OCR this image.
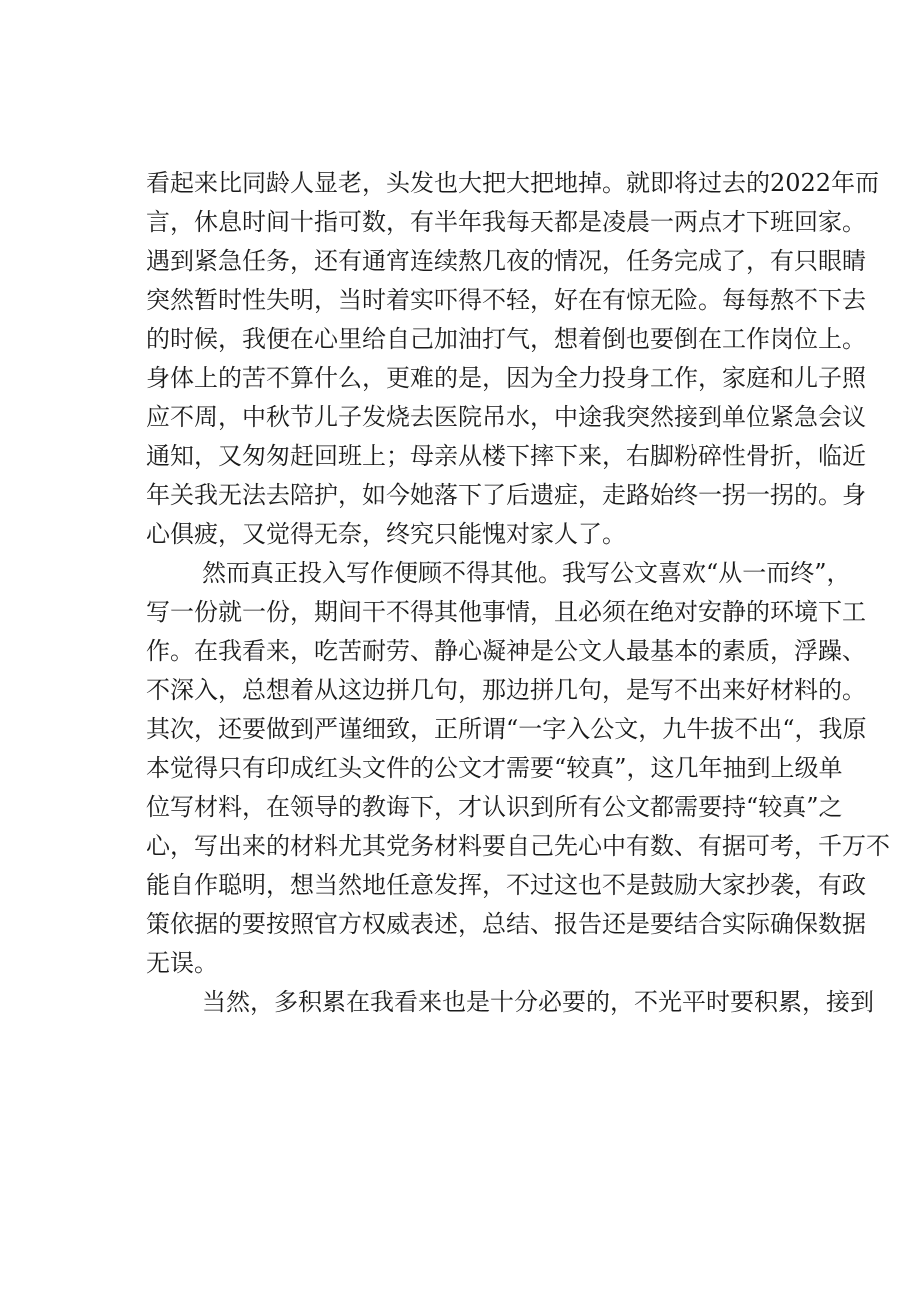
看起来比同龄人显老，头发也大把大把地掉。就即将过去的2022年而
言，休息时间十指可数，有半年我每天都是凌晨一两点才下班回家。
遇到紧急任务，还有通宵连续熬几夜的情况，任务完成了，有只眼睛
突然暂时性失明，当时着实吓得不轻，好在有惊无险。每每熬不下去
的时候，我便在心里给自己加油打气，想着倒也要倒在工作岗位上。
身体上的苦不算什么，更难的是，因为全力投身工作，家庭和儿子照
应不周，中秋节儿子发烧去医院吊水，中途我突然接到单位紧急会议
通知，又匆匆赶回班上；母亲从楼下摔下来，右脚粉碎性骨折，临近
年关我无法去陪护，如今她落下了后遗症，走路始终一拐一拐的。身
心俱疲，又觉得无奈，终究只能愧对家人了。
然而真正投入写作便顾不得其他。我写公文喜欢“从一而终”，
写一份就一份，期间干不得其他事情，且必须在绝对安静的环境下工
作。在我看来，吃苦耐劳、静心凝神是公文人最基本的素质，浮躁、
不深入，总想着从这边拼几句，那边拼几句，是写不出来好材料的。
其次，还要做到严谨细致，正所谓“一字入公文，九牛拔不出“，我原
本觉得只有印成红头文件的公文才需要“较真”，这几年抽到上级单
位写材料，在领导的教诲下，才认识到所有公文都需要持“较真”之
心，写出来的材料尤其党务材料要自己先心中有数、有据可考，千万不
能自作聪明，想当然地任意发挥，不过这也不是鼓励大家抄袭，有政
策依据的要按照官方权威表述，总结、报告还是要结合实际确保数据
无误。
当然，多积累在我看来也是十分必要的，不光平时要积累，接到
